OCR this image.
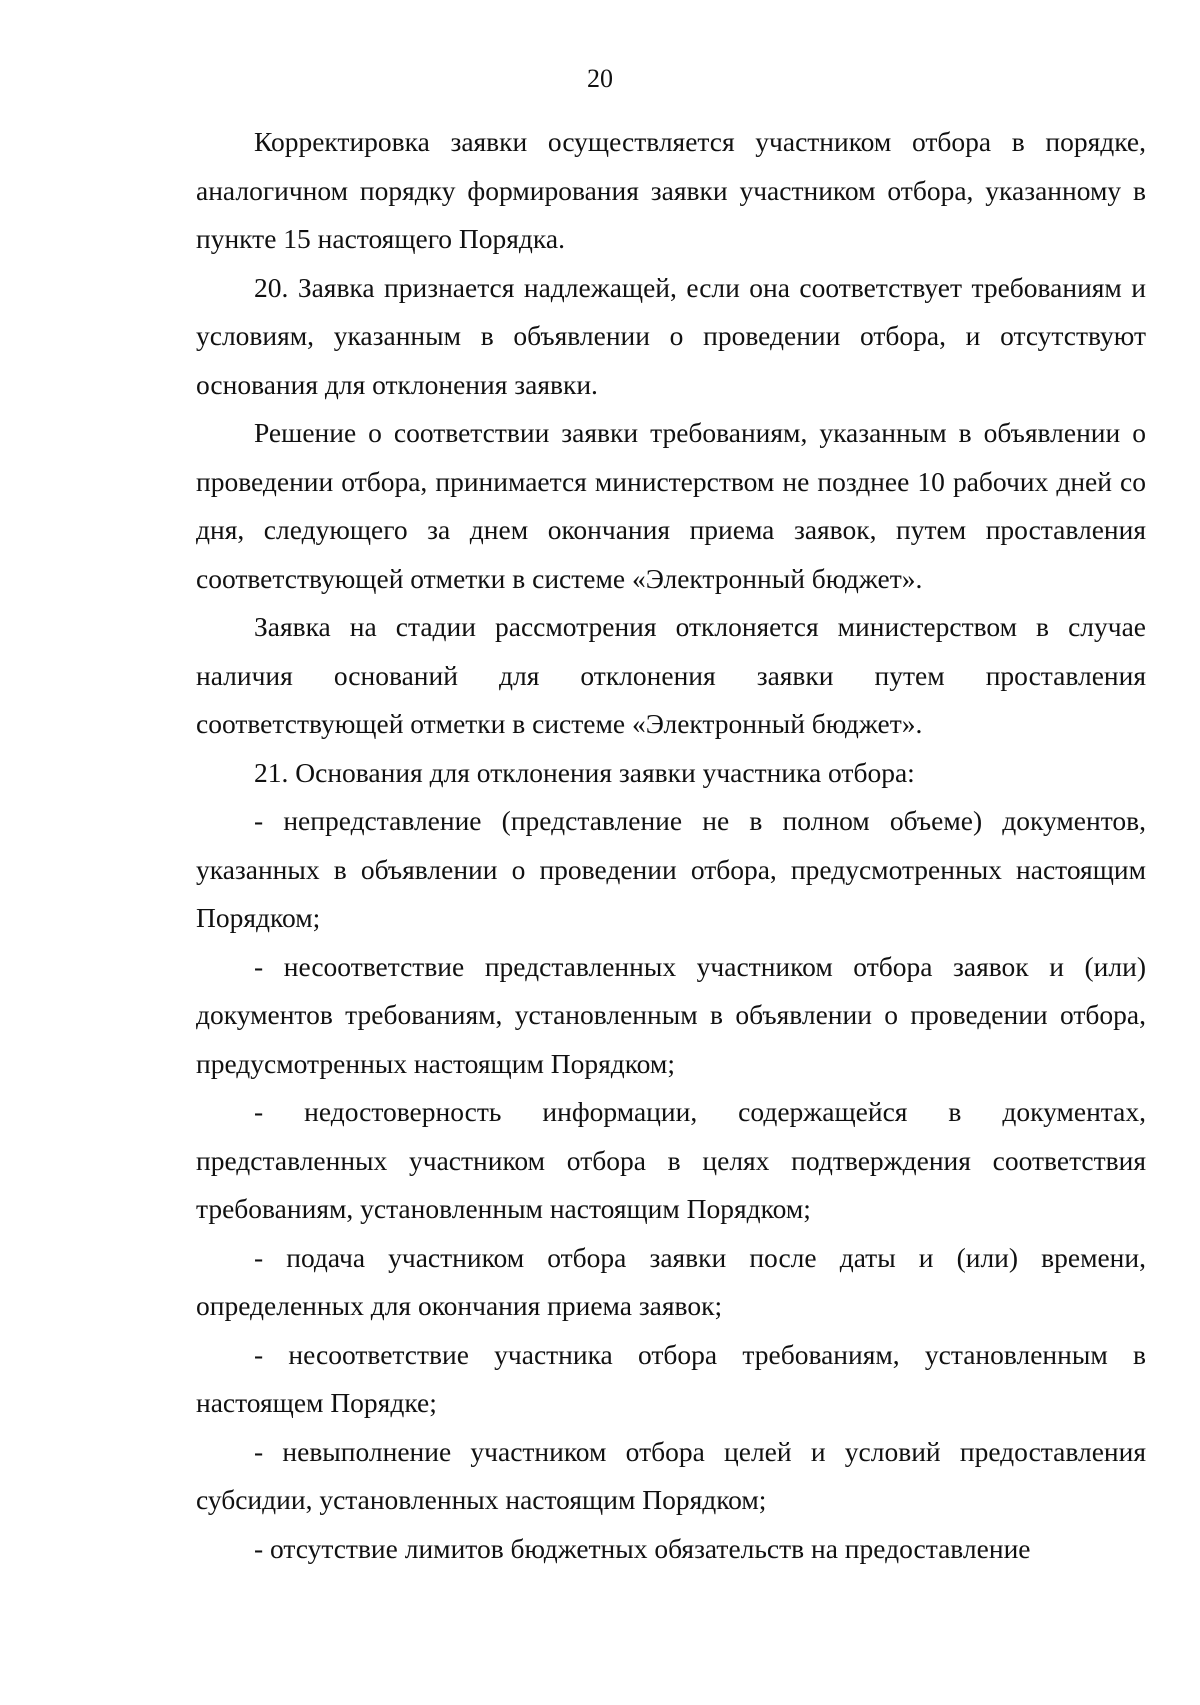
20

Корректировка заявки осуществляется участником отбора в порядке, аналогичном порядку формирования заявки участником отбора, указанному в пункте 15 настоящего Порядка.

20. Заявка признается надлежащей, если она соответствует требованиям и условиям, указанным в объявлении о проведении отбора, и отсутствуют основания для отклонения заявки.

Решение о соответствии заявки требованиям, указанным в объявлении о проведении отбора, принимается министерством не позднее 10 рабочих дней со дня, следующего за днем окончания приема заявок, путем проставления соответствующей отметки в системе «Электронный бюджет».

Заявка на стадии рассмотрения отклоняется министерством в случае наличия оснований для отклонения заявки путем проставления соответствующей отметки в системе «Электронный бюджет».

21. Основания для отклонения заявки участника отбора:

- непредставление (представление не в полном объеме) документов, указанных в объявлении о проведении отбора, предусмотренных настоящим Порядком;

- несоответствие представленных участником отбора заявок и (или) документов требованиям, установленным в объявлении о проведении отбора, предусмотренных настоящим Порядком;

- недостоверность информации, содержащейся в документах, представленных участником отбора в целях подтверждения соответствия требованиям, установленным настоящим Порядком;

- подача участником отбора заявки после даты и (или) времени, определенных для окончания приема заявок;

- несоответствие участника отбора требованиям, установленным в настоящем Порядке;

- невыполнение участником отбора целей и условий предоставления субсидии, установленных настоящим Порядком;

- отсутствие лимитов бюджетных обязательств на предоставление
